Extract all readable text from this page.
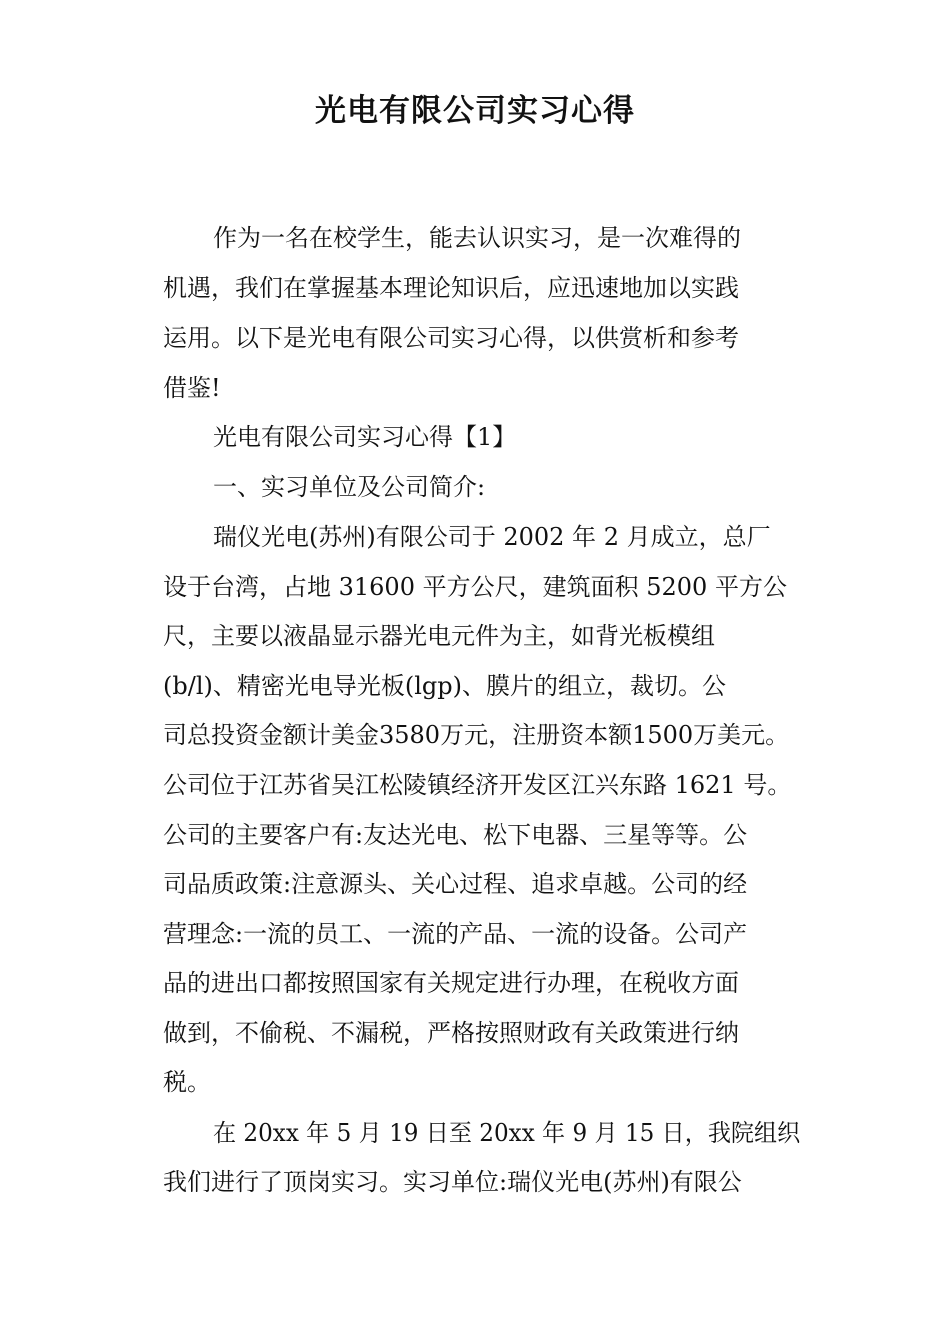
光电有限公司实习心得
作为一名在校学生，能去认识实习，是一次难得的
机遇，我们在掌握基本理论知识后，应迅速地加以实践
运用。以下是光电有限公司实习心得，以供赏析和参考
借鉴!
光电有限公司实习心得【1】
一、实习单位及公司简介:
瑞仪光电(苏州)有限公司于 2002 年 2 月成立，总厂
设于台湾，占地 31600 平方公尺，建筑面积 5200 平方公
尺，主要以液晶显示器光电元件为主，如背光板模组
(b/l)、精密光电导光板(lgp)、膜片的组立，裁切。公
司总投资金额计美金3580万元，注册资本额1500万美元。
公司位于江苏省吴江松陵镇经济开发区江兴东路 1621 号。
公司的主要客户有:友达光电、松下电器、三星等等。公
司品质政策:注意源头、关心过程、追求卓越。公司的经
营理念:一流的员工、一流的产品、一流的设备。公司产
品的进出口都按照国家有关规定进行办理，在税收方面
做到，不偷税、不漏税，严格按照财政有关政策进行纳
税。
在 20xx 年 5 月 19 日至 20xx 年 9 月 15 日，我院组织
我们进行了顶岗实习。实习单位:瑞仪光电(苏州)有限公
